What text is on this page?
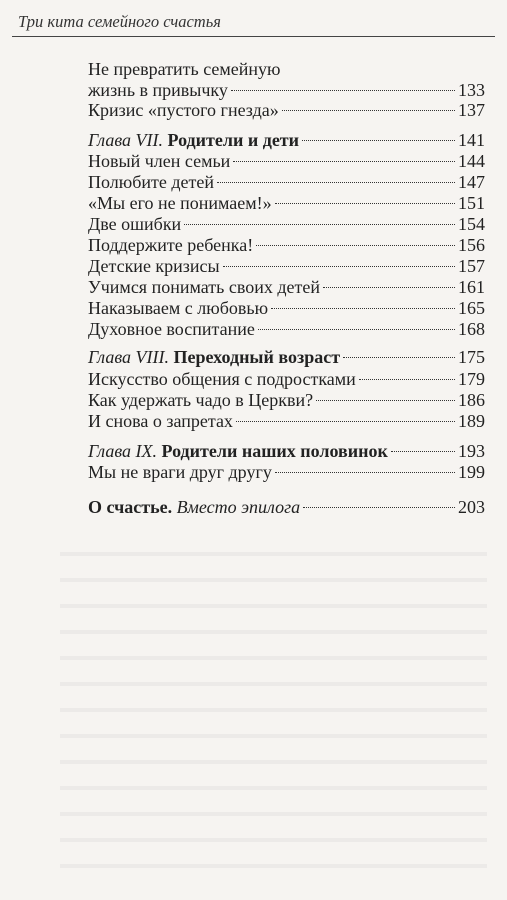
Три кита семейного счастья
Не превратить семейную
жизнь в привычку	133
Кризис «пустого гнезда»	137
Глава VII. Родители и дети	141
Новый член семьи	144
Полюбите детей	147
«Мы его не понимаем!»	151
Две ошибки	154
Поддержите ребенка!	156
Детские кризисы	157
Учимся понимать своих детей	161
Наказываем с любовью	165
Духовное воспитание	168
Глава VIII. Переходный возраст	175
Искусство общения с подростками	179
Как удержать чадо в Церкви?	186
И снова о запретах	189
Глава IX. Родители наших половинок	193
Мы не враги друг другу	199
О счастье. Вместо эпилога	203
